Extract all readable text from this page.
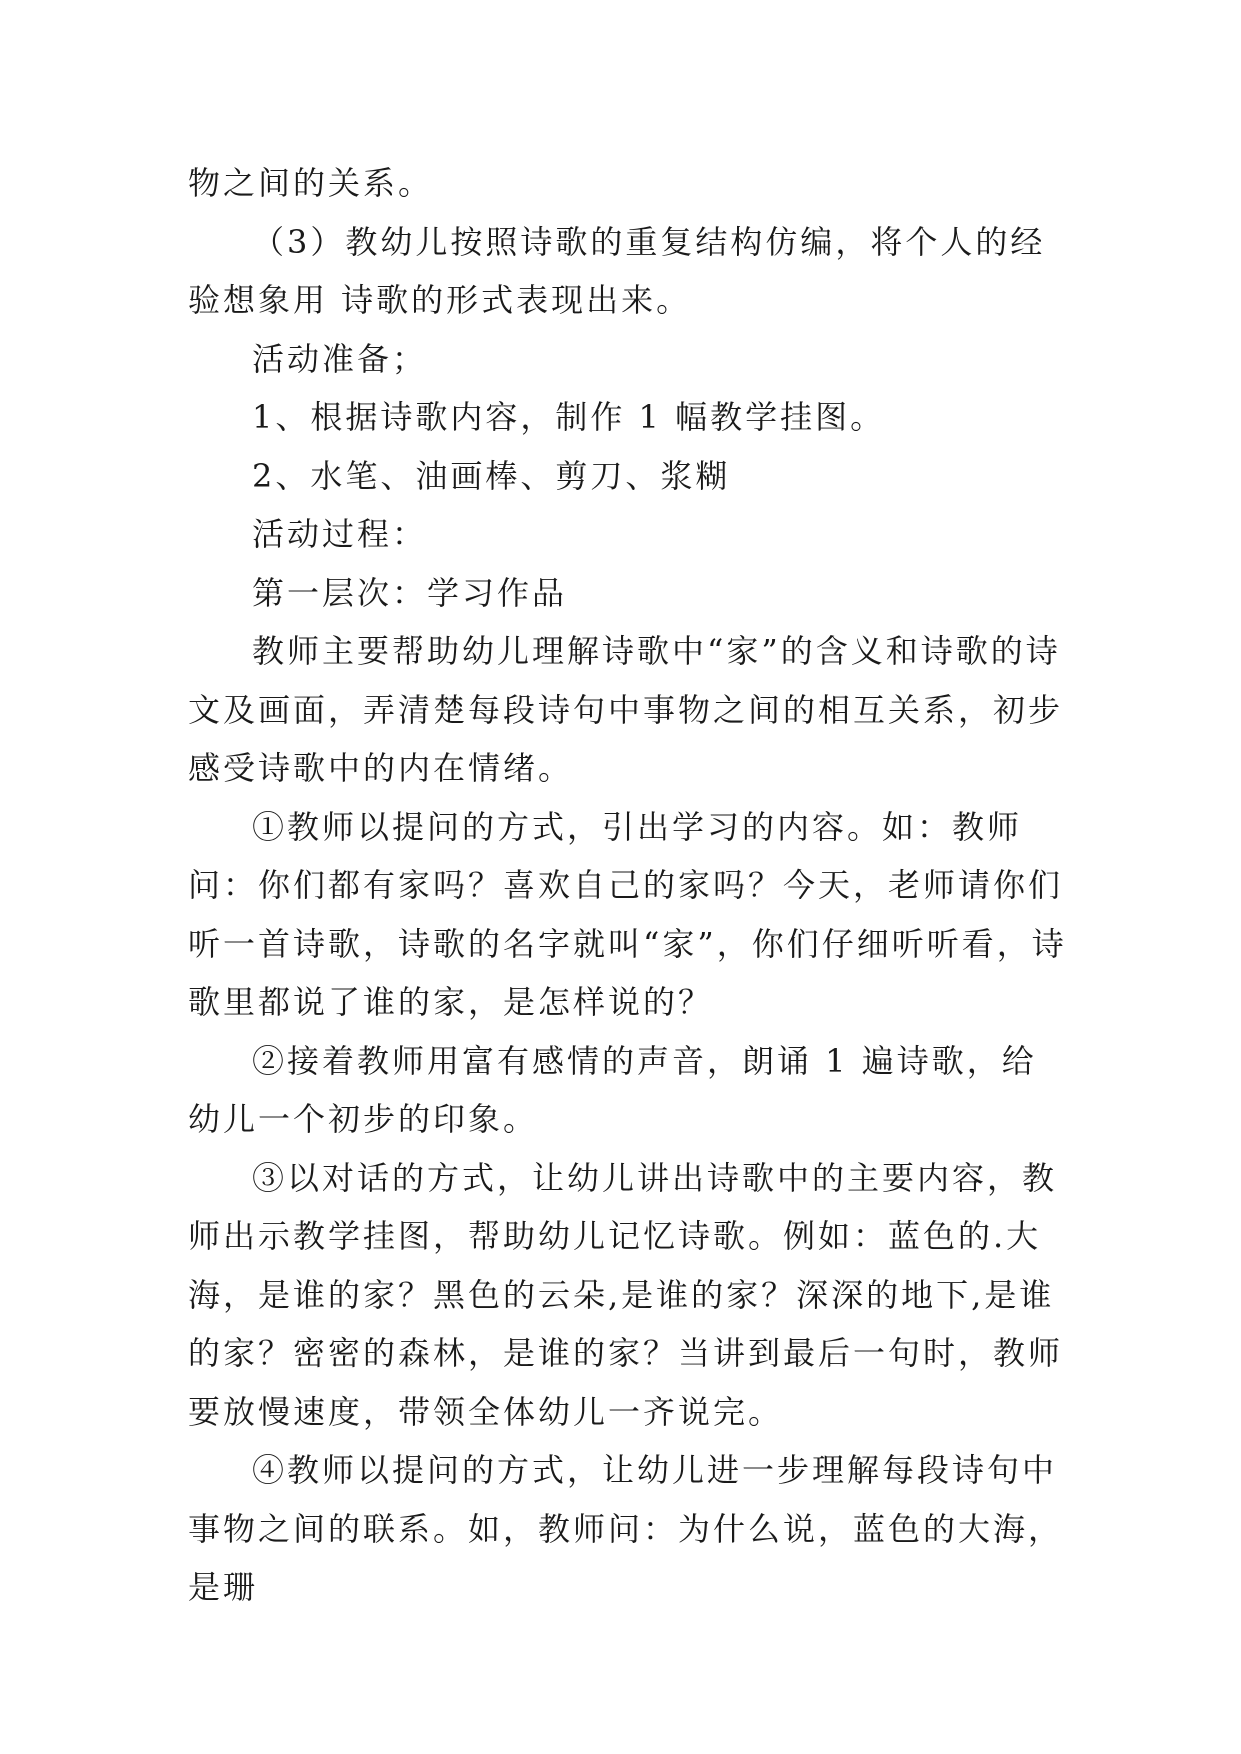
物之间的关系。

（3）教幼儿按照诗歌的重复结构仿编，将个人的经验想象用 诗歌的形式表现出来。

活动准备；

1、根据诗歌内容，制作 1 幅教学挂图。

2、水笔、油画棒、剪刀、浆糊

活动过程：

第一层次：学习作品

教师主要帮助幼儿理解诗歌中“家”的含义和诗歌的诗文及画面，弄清楚每段诗句中事物之间的相互关系，初步感受诗歌中的内在情绪。

①教师以提问的方式，引出学习的内容。如：教师问：你们都有家吗？喜欢自己的家吗？今天，老师请你们听一首诗歌，诗歌的名字就叫“家”，你们仔细听听看，诗歌里都说了谁的家，是怎样说的？

②接着教师用富有感情的声音，朗诵 1 遍诗歌，给幼儿一个初步的印象。

③以对话的方式，让幼儿讲出诗歌中的主要内容，教师出示教学挂图，帮助幼儿记忆诗歌。例如：蓝色的.大海，是谁的家？黑色的云朵,是谁的家？深深的地下,是谁的家？密密的森林，是谁的家？当讲到最后一句时，教师要放慢速度，带领全体幼儿一齐说完。

④教师以提问的方式，让幼儿进一步理解每段诗句中事物之间的联系。如，教师问：为什么说，蓝色的大海，是珊
